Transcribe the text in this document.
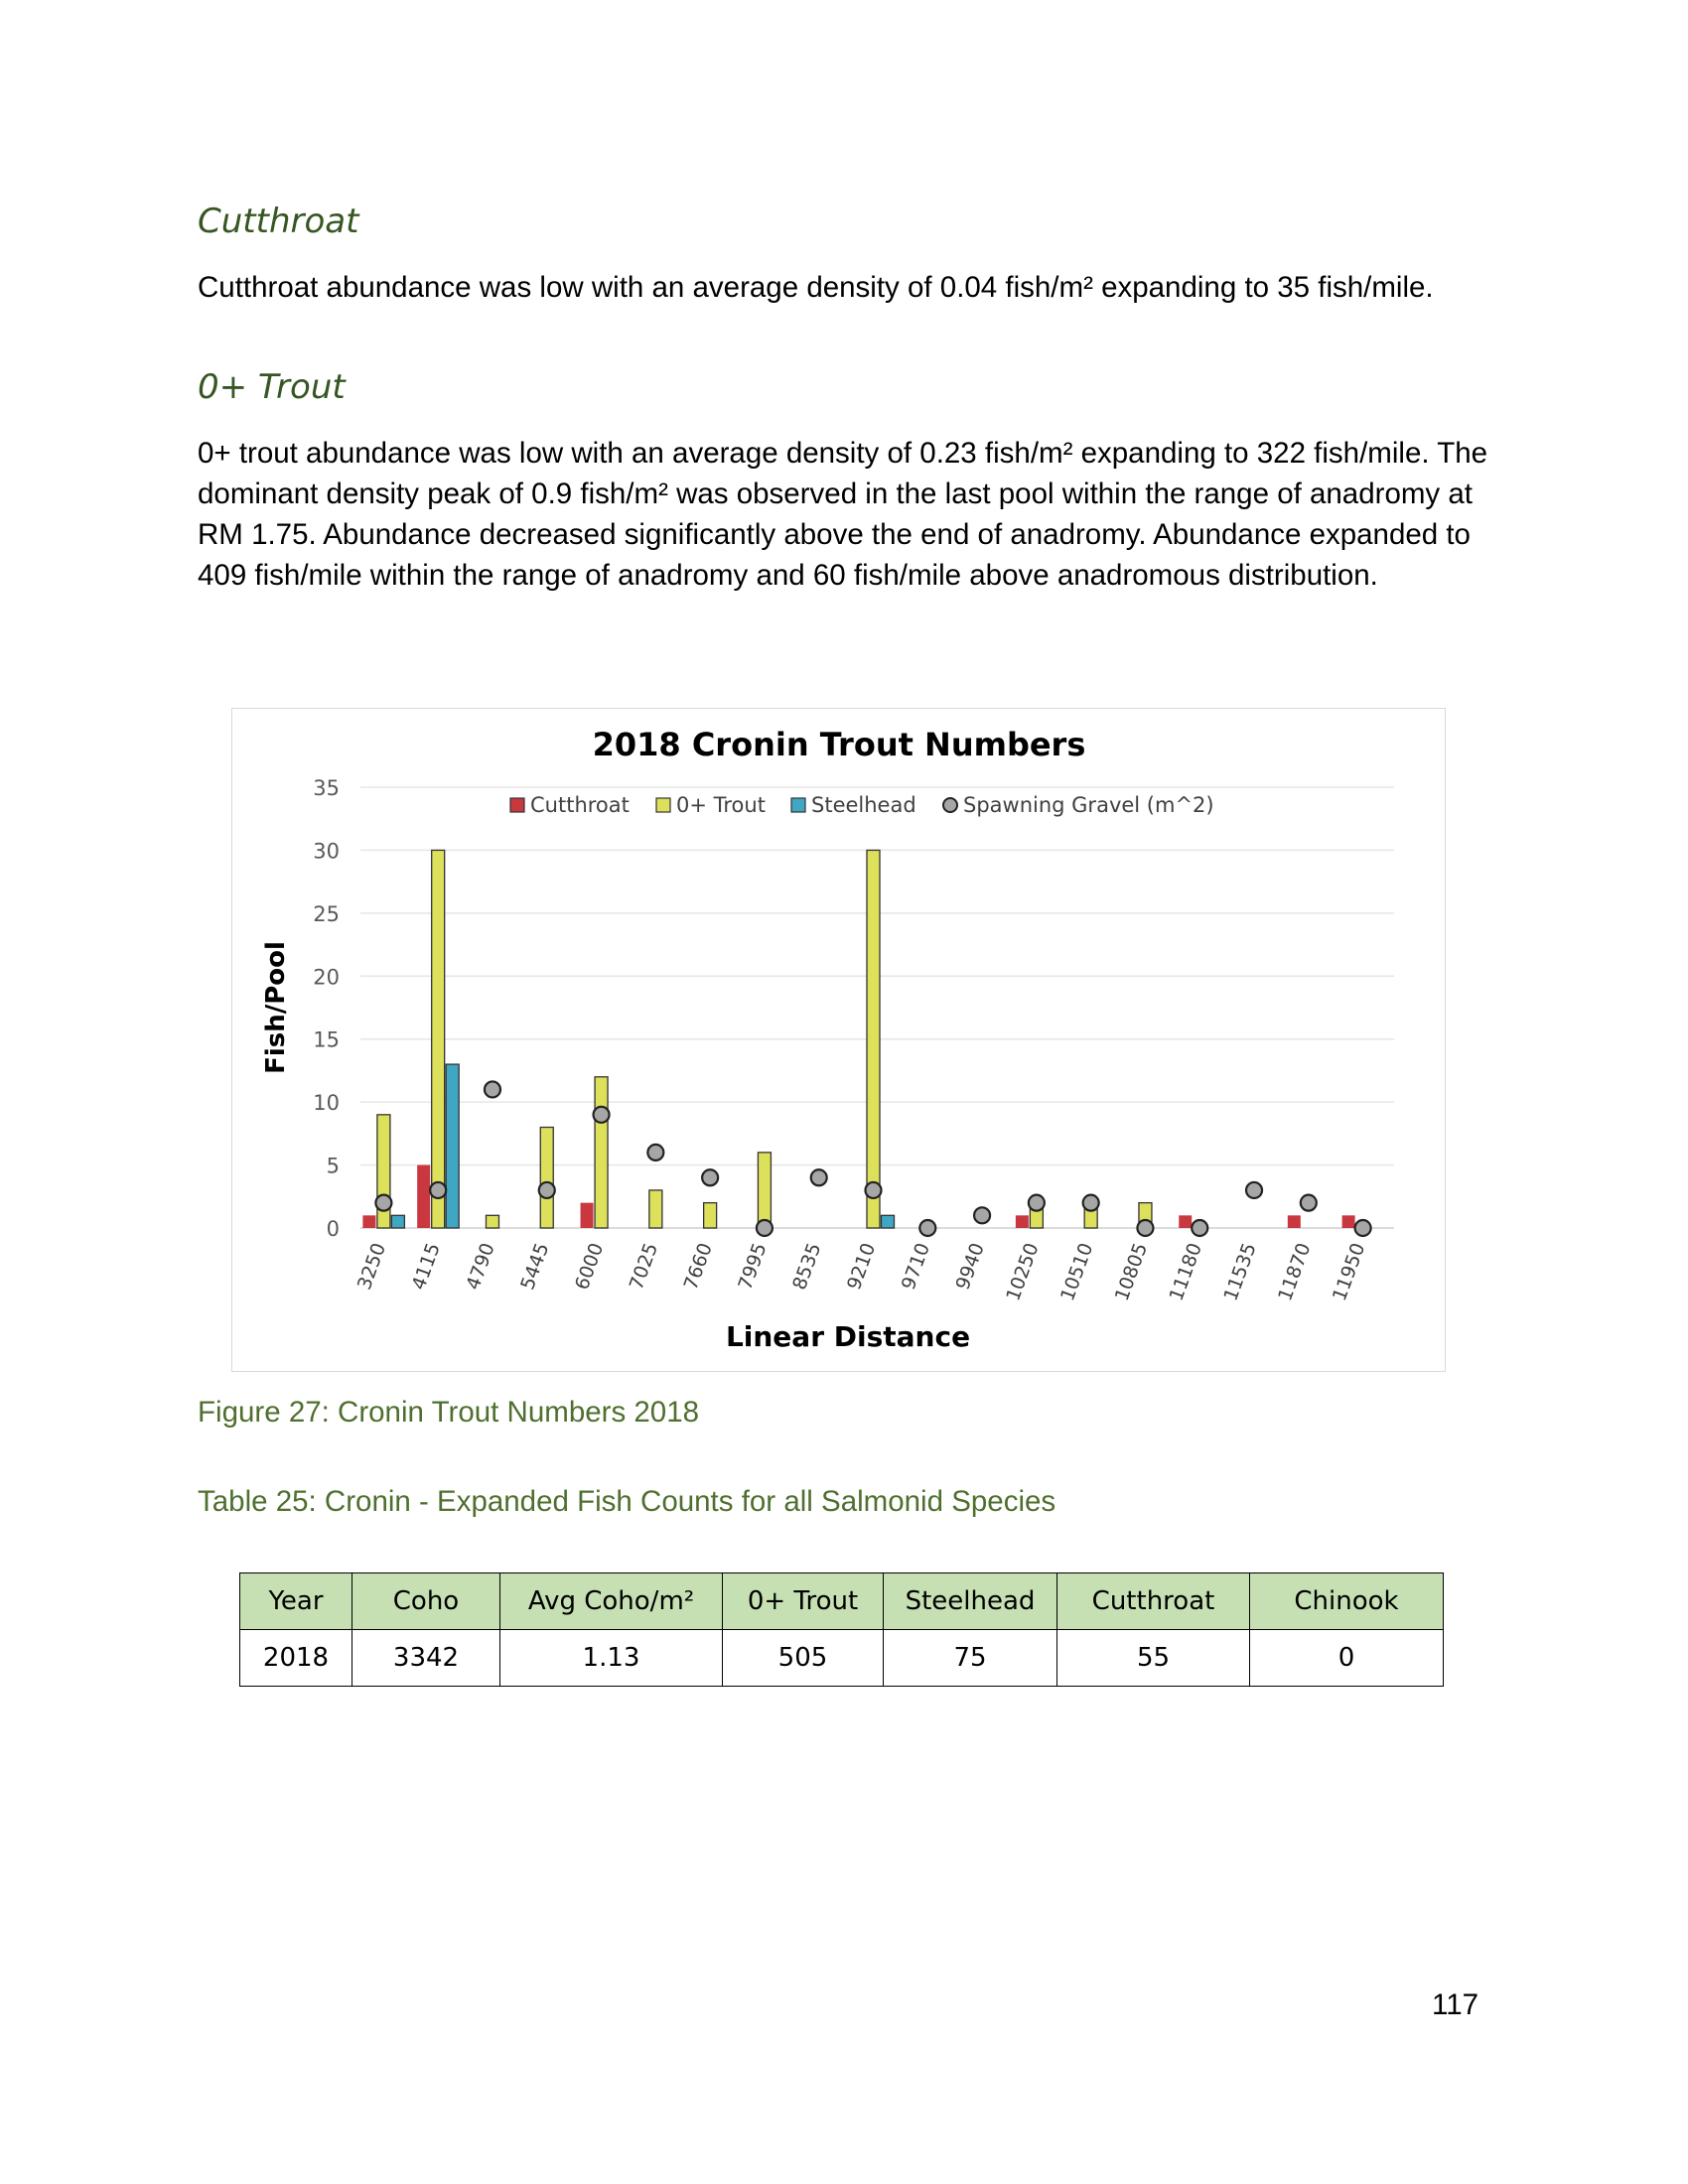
Cutthroat

Cutthroat abundance was low with an average density of 0.04 fish/m² expanding to 35 fish/mile.

0+ Trout

0+ trout abundance was low with an average density of 0.23 fish/m² expanding to 322 fish/mile. The dominant density peak of 0.9 fish/m² was observed in the last pool within the range of anadromy at RM 1.75. Abundance decreased significantly above the end of anadromy. Abundance expanded to 409 fish/mile within the range of anadromy and 60 fish/mile above anadromous distribution.

0
5
10
15
20
25
30
35
2018 Cronin Trout Numbers
Fish/Pool
Linear Distance
Cutthroat 0+ Trout Steelhead Spawning Gravel (m^2)
3250 4115 4790 5445 6000 7025 7660 7995 8535 9210 9710 9940 10250 10510 10805 11180 11535 11870 11950

Figure 27: Cronin Trout Numbers 2018

Table 25: Cronin - Expanded Fish Counts for all Salmonid Species

Year	Coho	Avg Coho/m²	0+ Trout	Steelhead	Cutthroat	Chinook
2018	3342	1.13	505	75	55	0

117
